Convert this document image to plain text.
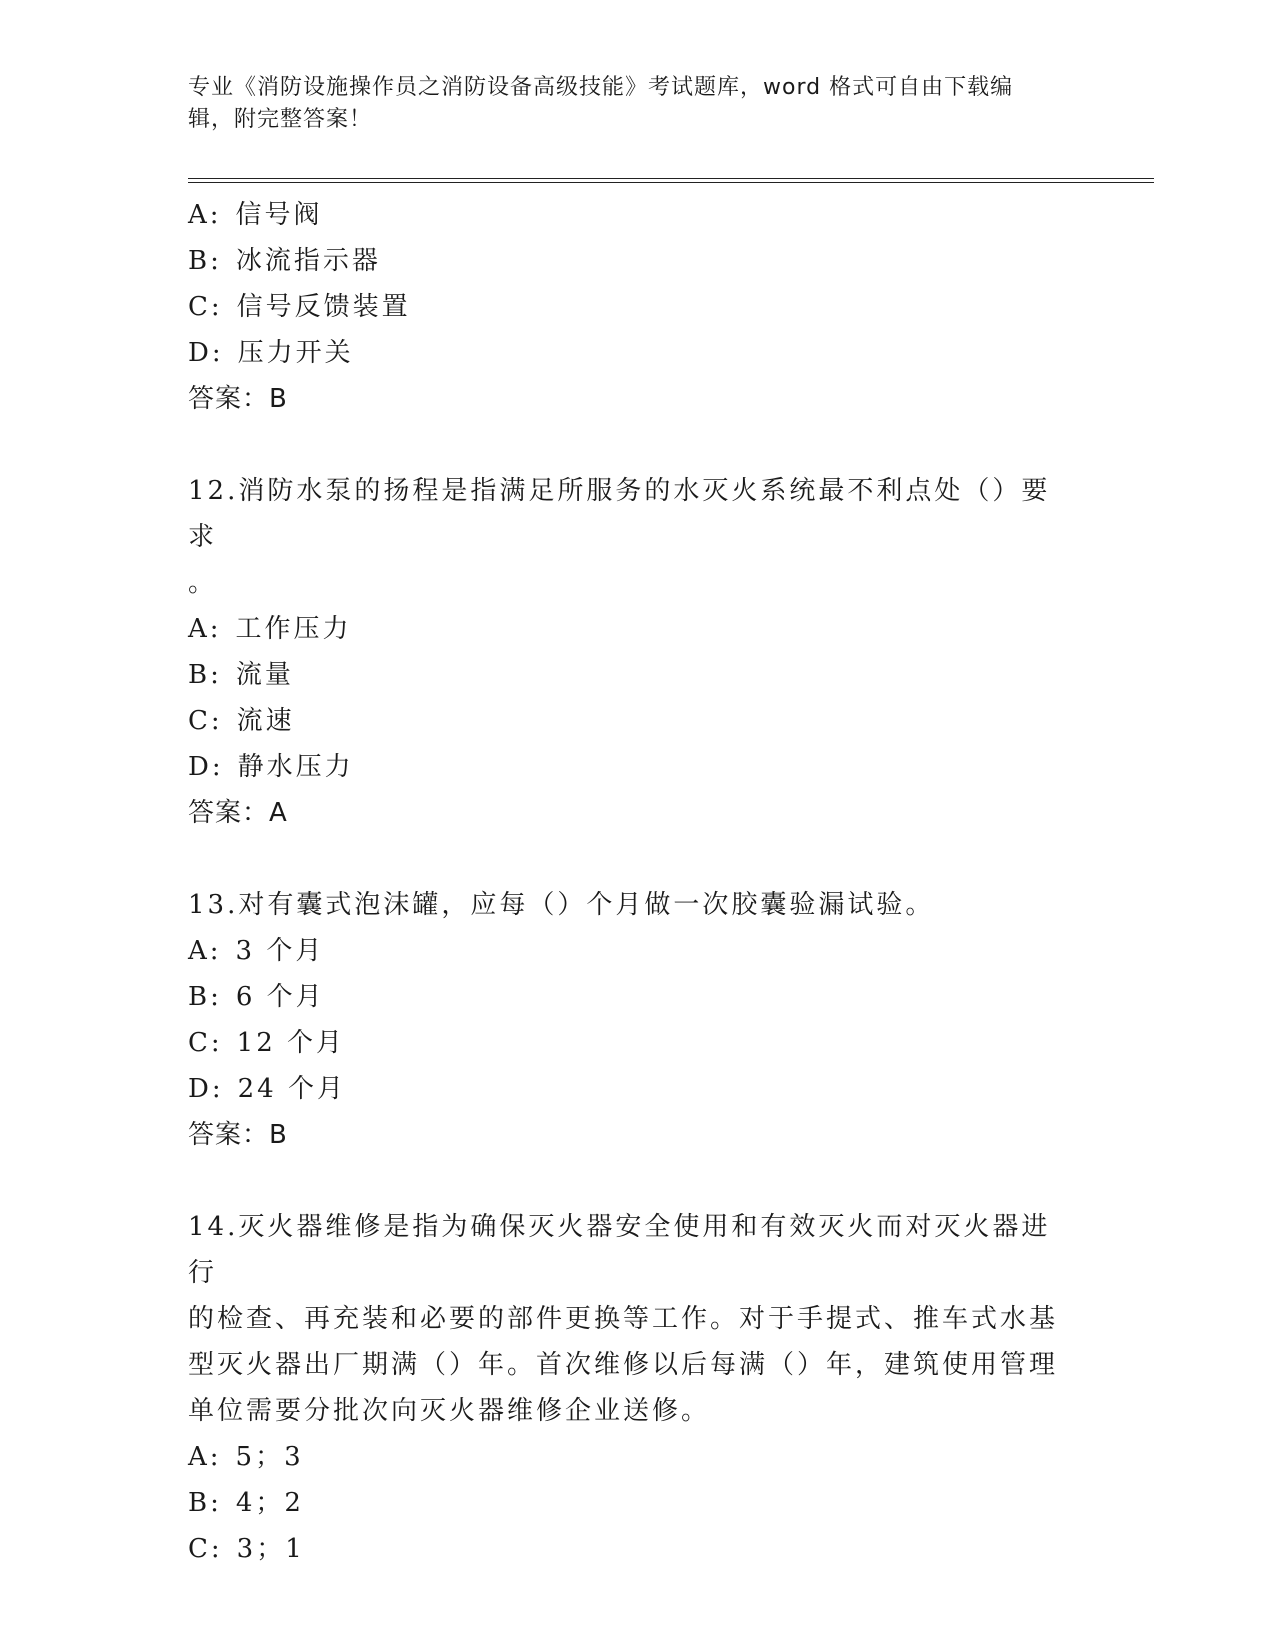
专业《消防设施操作员之消防设备高级技能》考试题库，word 格式可自由下载编
辑，附完整答案！
A: 信号阀
B: 冰流指示器
C: 信号反馈装置
D: 压力开关
答案：B
12.消防水泵的扬程是指满足所服务的水灭火系统最不利点处（）要求
。
A: 工作压力
B: 流量
C: 流速
D: 静水压力
答案：A
13.对有囊式泡沫罐，应每（）个月做一次胶囊验漏试验。
A: 3 个月
B: 6 个月
C: 12 个月
D: 24 个月
答案：B
14.灭火器维修是指为确保灭火器安全使用和有效灭火而对灭火器进行
的检查、再充装和必要的部件更换等工作。对于手提式、推车式水基
型灭火器出厂期满（）年。首次维修以后每满（）年，建筑使用管理
单位需要分批次向灭火器维修企业送修。
A: 5；3
B: 4；2
C: 3；1
